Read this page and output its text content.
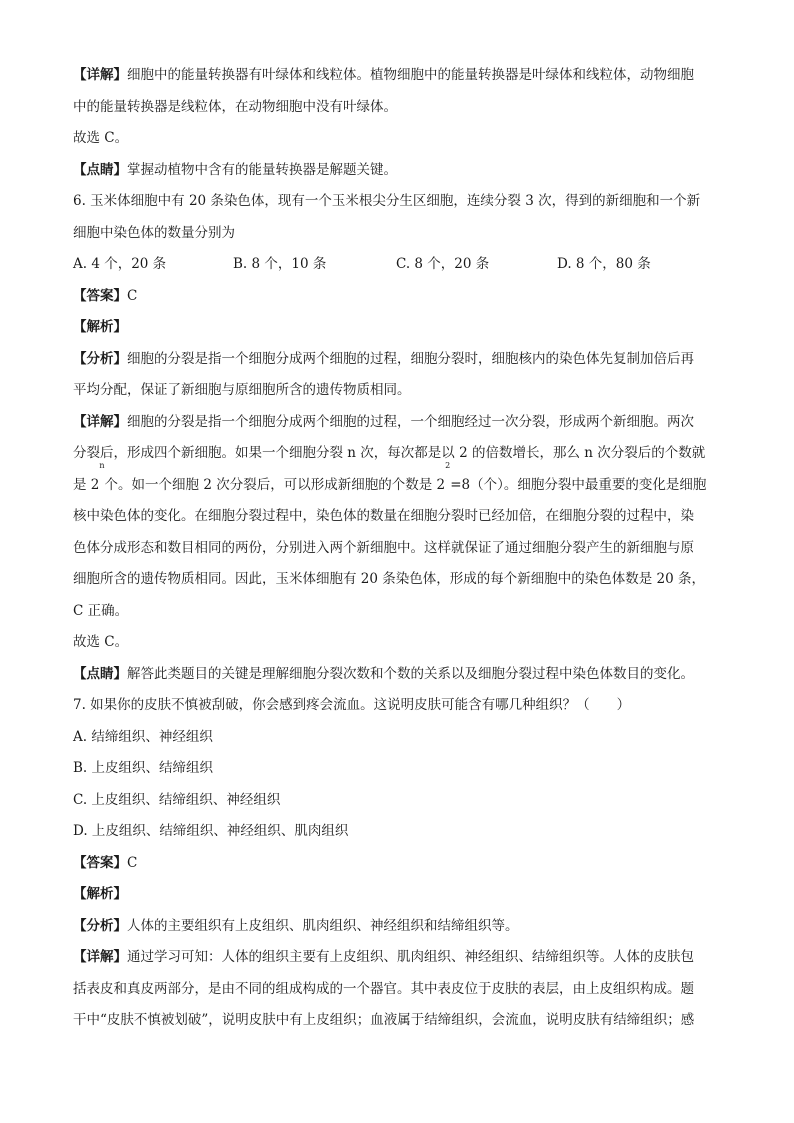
【详解】细胞中的能量转换器有叶绿体和线粒体。植物细胞中的能量转换器是叶绿体和线粒体，动物细胞
中的能量转换器是线粒体，在动物细胞中没有叶绿体。
故选 C。
【点睛】掌握动植物中含有的能量转换器是解题关键。
6. 玉米体细胞中有 20 条染色体，现有一个玉米根尖分生区细胞，连续分裂 3 次，得到的新细胞和一个新
细胞中染色体的数量分别为
A. 4 个，20 条	B. 8 个，10 条	C. 8 个，20 条	D. 8 个，80 条
【答案】C
【解析】
【分析】细胞的分裂是指一个细胞分成两个细胞的过程，细胞分裂时，细胞核内的染色体先复制加倍后再
平均分配，保证了新细胞与原细胞所含的遗传物质相同。
【详解】细胞的分裂是指一个细胞分成两个细胞的过程，一个细胞经过一次分裂，形成两个新细胞。两次
分裂后，形成四个新细胞。如果一个细胞分裂 n 次，每次都是以 2 的倍数增长，那么 n 次分裂后的个数就
是 2$^n$个。如一个细胞 2 次分裂后，可以形成新细胞的个数是 $2^2=8$（个）。细胞分裂中最重要的变化是细胞
核中染色体的变化。在细胞分裂过程中，染色体的数量在细胞分裂时已经加倍，在细胞分裂的过程中，染
色体分成形态和数目相同的两份，分别进入两个新细胞中。这样就保证了通过细胞分裂产生的新细胞与原
细胞所含的遗传物质相同。因此，玉米体细胞有 20 条染色体，形成的每个新细胞中的染色体数是 20 条，
C 正确。
故选 C。
【点睛】解答此类题目的关键是理解细胞分裂次数和个数的关系以及细胞分裂过程中染色体数目的变化。
7. 如果你的皮肤不慎被刮破，你会感到疼会流血。这说明皮肤可能含有哪几种组织？（　　）
A. 结缔组织、神经组织
B. 上皮组织、结缔组织
C. 上皮组织、结缔组织、神经组织
D. 上皮组织、结缔组织、神经组织、肌肉组织
【答案】C
【解析】
【分析】人体的主要组织有上皮组织、肌肉组织、神经组织和结缔组织等。
【详解】通过学习可知：人体的组织主要有上皮组织、肌肉组织、神经组织、结缔组织等。人体的皮肤包
括表皮和真皮两部分，是由不同的组成构成的一个器官。其中表皮位于皮肤的表层，由上皮组织构成。题
干中“皮肤不慎被划破”，说明皮肤中有上皮组织；血液属于结缔组织，会流血，说明皮肤有结缔组织；感
